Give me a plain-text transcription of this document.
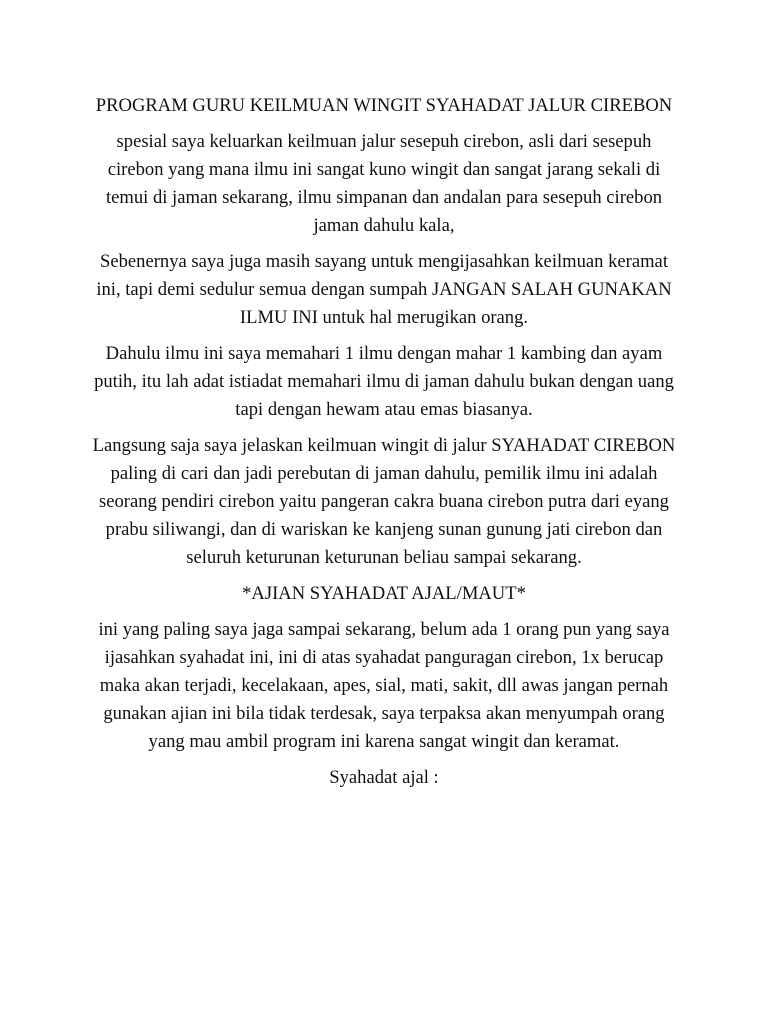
PROGRAM GURU KEILMUAN WINGIT SYAHADAT JALUR CIREBON
spesial saya keluarkan keilmuan jalur sesepuh cirebon, asli dari sesepuh cirebon yang mana ilmu ini sangat kuno wingit dan sangat jarang sekali di temui di jaman sekarang, ilmu simpanan dan andalan para sesepuh cirebon jaman dahulu kala,
Sebenernya saya juga masih sayang untuk mengijasahkan keilmuan keramat ini, tapi demi sedulur semua dengan sumpah JANGAN SALAH GUNAKAN ILMU INI untuk hal merugikan orang.
Dahulu ilmu ini saya memahari 1 ilmu dengan mahar 1 kambing dan ayam putih, itu lah adat istiadat memahari ilmu di jaman dahulu bukan dengan uang tapi dengan hewam atau emas biasanya.
Langsung saja saya jelaskan keilmuan wingit di jalur SYAHADAT CIREBON paling di cari dan jadi perebutan di jaman dahulu, pemilik ilmu ini adalah seorang pendiri cirebon yaitu pangeran cakra buana cirebon putra dari eyang prabu siliwangi, dan di wariskan ke kanjeng sunan gunung jati cirebon dan seluruh keturunan keturunan beliau sampai sekarang.
*AJIAN SYAHADAT AJAL/MAUT*
ini yang paling saya jaga sampai sekarang, belum ada 1 orang pun yang saya ijasahkan syahadat ini, ini di atas syahadat panguragan cirebon, 1x berucap maka akan terjadi, kecelakaan, apes, sial, mati, sakit, dll awas jangan pernah gunakan ajian ini bila tidak terdesak, saya terpaksa akan menyumpah orang yang mau ambil program ini karena sangat wingit dan keramat.
Syahadat ajal :
